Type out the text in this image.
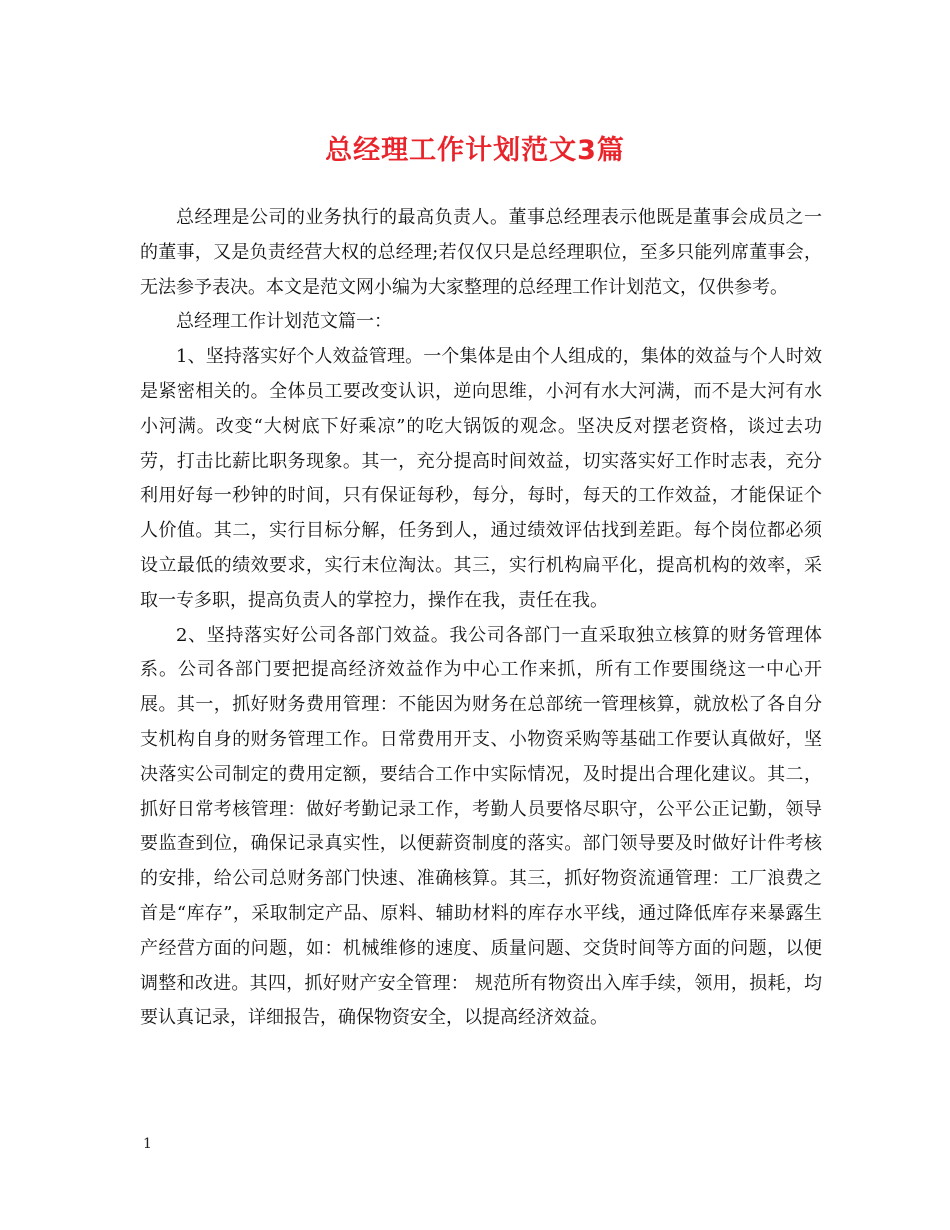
总经理工作计划范文3篇

总经理是公司的业务执行的最高负责人。董事总经理表示他既是董事会成员之一的董事，又是负责经营大权的总经理;若仅仅只是总经理职位，至多只能列席董事会，无法参予表决。本文是范文网小编为大家整理的总经理工作计划范文，仅供参考。

总经理工作计划范文篇一：

1、坚持落实好个人效益管理。一个集体是由个人组成的，集体的效益与个人时效是紧密相关的。全体员工要改变认识，逆向思维，小河有水大河满，而不是大河有水小河满。改变“大树底下好乘凉”的吃大锅饭的观念。坚决反对摆老资格，谈过去功劳，打击比薪比职务现象。其一，充分提高时间效益，切实落实好工作时志表，充分利用好每一秒钟的时间，只有保证每秒，每分，每时，每天的工作效益，才能保证个人价值。其二，实行目标分解，任务到人，通过绩效评估找到差距。每个岗位都必须设立最低的绩效要求，实行末位淘汰。其三，实行机构扁平化，提高机构的效率，采取一专多职，提高负责人的掌控力，操作在我，责任在我。

2、坚持落实好公司各部门效益。我公司各部门一直采取独立核算的财务管理体系。公司各部门要把提高经济效益作为中心工作来抓，所有工作要围绕这一中心开展。其一，抓好财务费用管理：不能因为财务在总部统一管理核算，就放松了各自分支机构自身的财务管理工作。日常费用开支、小物资采购等基础工作要认真做好，坚决落实公司制定的费用定额，要结合工作中实际情况，及时提出合理化建议。其二，抓好日常考核管理：做好考勤记录工作，考勤人员要恪尽职守，公平公正记勤，领导要监查到位，确保记录真实性，以便薪资制度的落实。部门领导要及时做好计件考核的安排，给公司总财务部门快速、准确核算。其三，抓好物资流通管理：工厂浪费之首是“库存”，采取制定产品、原料、辅助材料的库存水平线，通过降低库存来暴露生产经营方面的问题，如：机械维修的速度、质量问题、交货时间等方面的问题，以便调整和改进。其四，抓好财产安全管理： 规范所有物资出入库手续，领用，损耗，均要认真记录，详细报告，确保物资安全，以提高经济效益。

1
